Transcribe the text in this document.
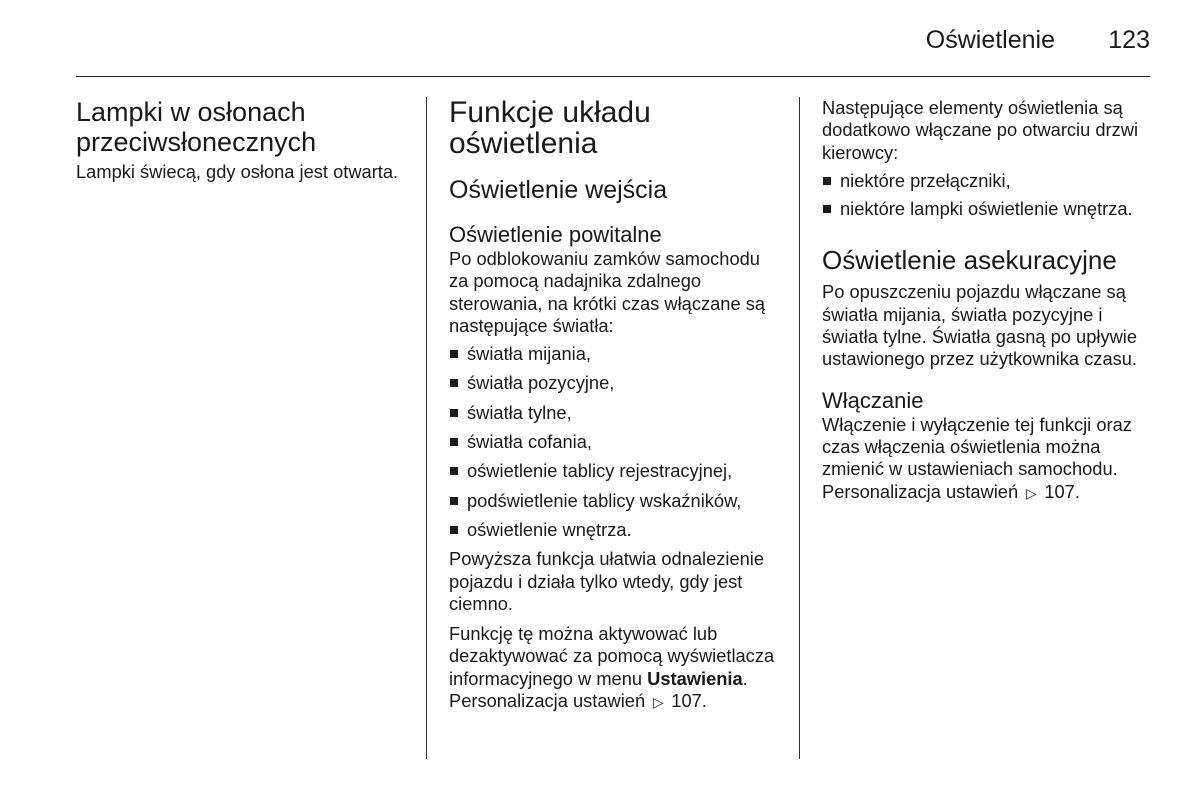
Oświetlenie 123
Lampki w osłonach przeciwsłonecznych

Lampki świecą, gdy osłona jest otwarta.

Funkcje układu oświetlenia
Oświetlenie wejścia
Oświetlenie powitalne

Po odblokowaniu zamków samochodu za pomocą nadajnika zdalnego sterowania, na krótki czas włączane są następujące światła:

światła mijania,
światła pozycyjne,
światła tylne,
światła cofania,
oświetlenie tablicy rejestracyjnej,
podświetlenie tablicy wskaźników,
oświetlenie wnętrza.

Powyższa funkcja ułatwia odnalezienie pojazdu i działa tylko wtedy, gdy jest ciemno.

Funkcję tę można aktywować lub dezaktywować za pomocą wyświetlacza informacyjnego w menu Ustawienia. Personalizacja ustawień ▷ 107.

Następujące elementy oświetlenia są dodatkowo włączane po otwarciu drzwi kierowcy:

niektóre przełączniki,
niektóre lampki oświetlenie wnętrza.
Oświetlenie asekuracyjne

Po opuszczeniu pojazdu włączane są światła mijania, światła pozycyjne i światła tylne. Światła gasną po upływie ustawionego przez użytkownika czasu.

Włączanie

Włączenie i wyłączenie tej funkcji oraz czas włączenia oświetlenia można zmienić w ustawieniach samochodu. Personalizacja ustawień ▷ 107.
